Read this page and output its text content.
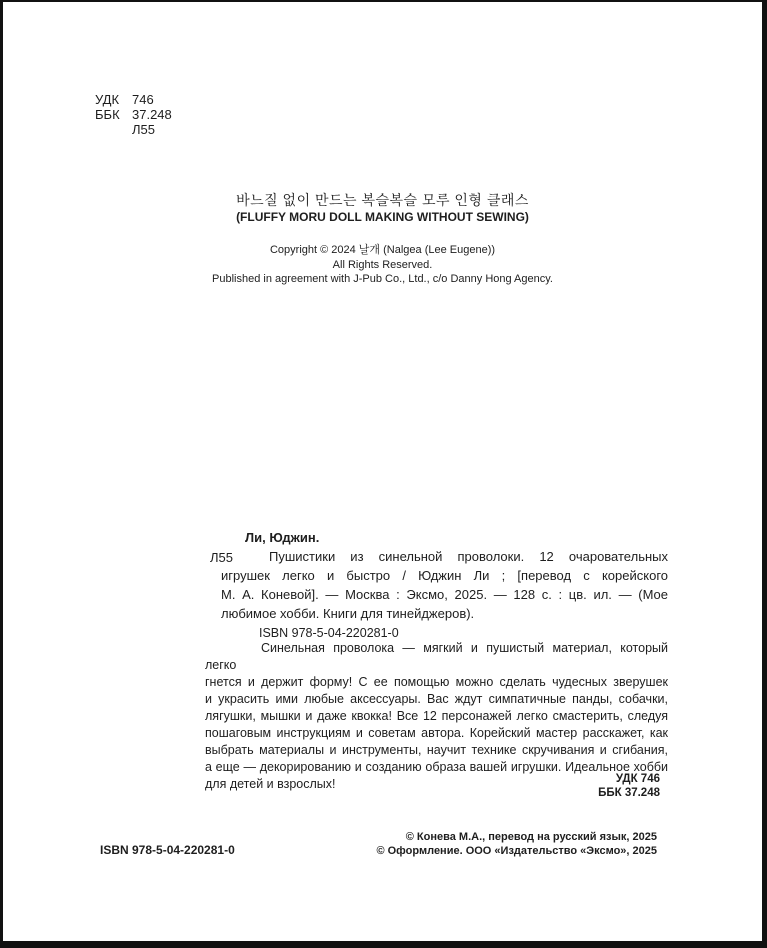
УДК 746
ББК 37.248
Л55
바느질 없이 만드는 복슬복슬 모루 인형 클래스
(FLUFFY MORU DOLL MAKING WITHOUT SEWING)
Copyright © 2024 날개 (Nalgea (Lee Eugene))
All Rights Reserved.
Published in agreement with J-Pub Co., Ltd., c/o Danny Hong Agency.
Ли, Юджин.
Л55	Пушистики из синельной проволоки. 12 очаровательных
игрушек легко и быстро / Юджин Ли ; [перевод с корейского
М. А. Коневой]. — Москва : Эксмо, 2025. — 128 с. : цв. ил. — (Мое
любимое хобби. Книги для тинейджеров).
ISBN 978-5-04-220281-0
Синельная проволока — мягкий и пушистый материал, который легко
гнется и держит форму! С ее помощью можно сделать чудесных зверушек
и украсить ими любые аксессуары. Вас ждут симпатичные панды, собачки,
лягушки, мышки и даже квокка! Все 12 персонажей легко смастерить, следуя
пошаговым инструкциям и советам автора. Корейский мастер расскажет, как
выбрать материалы и инструменты, научит технике скручивания и сгибания,
а еще — декорированию и созданию образа вашей игрушки. Идеальное хобби
для детей и взрослых!	УДК 746
ББК 37.248
ISBN 978-5-04-220281-0
© Конева М.А., перевод на русский язык, 2025
© Оформление. ООО «Издательство «Эксмо», 2025
